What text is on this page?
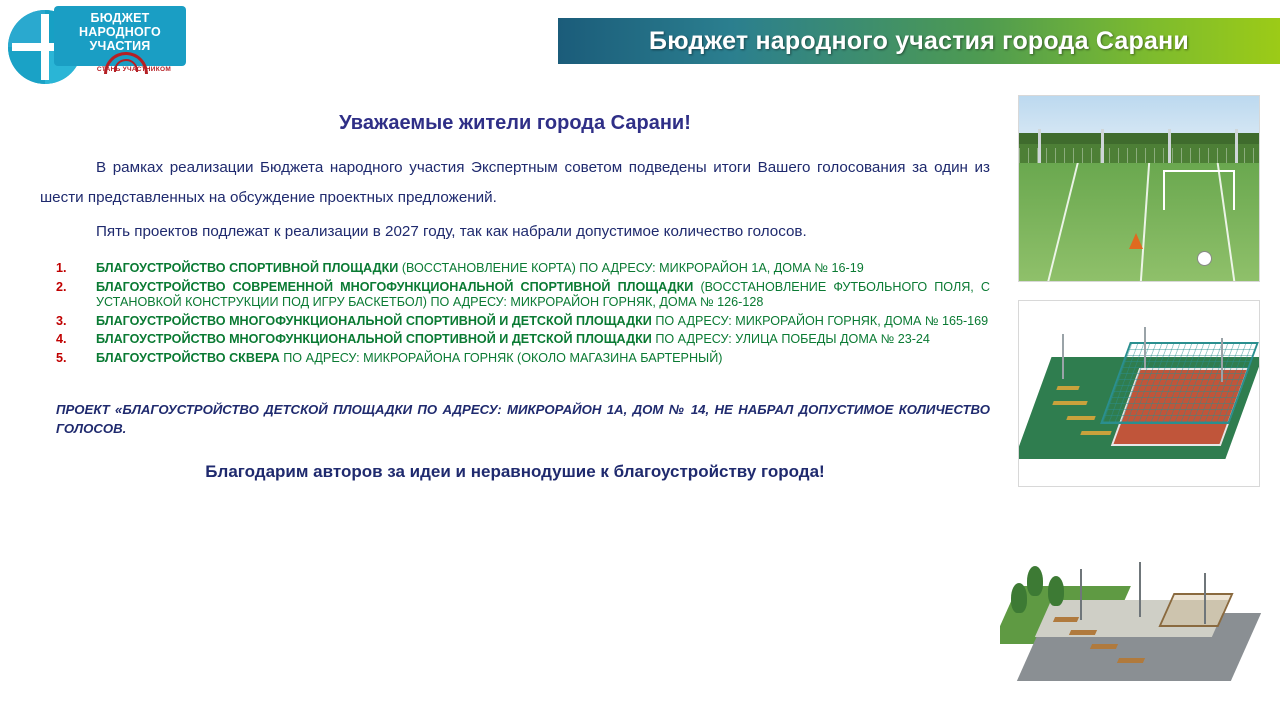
БЮДЖЕТ
НАРОДНОГО
УЧАСТИЯ
СТАНЬ УЧАСТНИКОМ
Бюджет народного участия города Сарани
Уважаемые жители города Сарани!

В рамках реализации Бюджета народного участия Экспертным советом подведены итоги Вашего голосования за один из шести представленных на обсуждение проектных предложений.

Пять проектов подлежат к реализации в 2027 году, так как набрали допустимое количество голосов.

1. БЛАГОУСТРОЙСТВО СПОРТИВНОЙ ПЛОЩАДКИ (ВОССТАНОВЛЕНИЕ КОРТА) ПО АДРЕСУ: МИКРОРАЙОН 1А, ДОМА № 16-19
2. БЛАГОУСТРОЙСТВО СОВРЕМЕННОЙ МНОГОФУНКЦИОНАЛЬНОЙ СПОРТИВНОЙ ПЛОЩАДКИ (ВОССТАНОВЛЕНИЕ ФУТБОЛЬНОГО ПОЛЯ, С УСТАНОВКОЙ КОНСТРУКЦИИ ПОД ИГРУ БАСКЕТБОЛ) ПО АДРЕСУ: МИКРОРАЙОН ГОРНЯК, ДОМА № 126-128
3. БЛАГОУСТРОЙСТВО МНОГОФУНКЦИОНАЛЬНОЙ СПОРТИВНОЙ И ДЕТСКОЙ ПЛОЩАДКИ ПО АДРЕСУ: МИКРОРАЙОН ГОРНЯК, ДОМА № 165-169
4. БЛАГОУСТРОЙСТВО МНОГОФУНКЦИОНАЛЬНОЙ СПОРТИВНОЙ И ДЕТСКОЙ ПЛОЩАДКИ ПО АДРЕСУ: УЛИЦА ПОБЕДЫ ДОМА № 23-24
5. БЛАГОУСТРОЙСТВО СКВЕРА ПО АДРЕСУ: МИКРОРАЙОНА ГОРНЯК (ОКОЛО МАГАЗИНА БАРТЕРНЫЙ)
ПРОЕКТ «БЛАГОУСТРОЙСТВО ДЕТСКОЙ ПЛОЩАДКИ ПО АДРЕСУ: МИКРОРАЙОН 1А, ДОМ № 14, НЕ НАБРАЛ ДОПУСТИМОЕ КОЛИЧЕСТВО ГОЛОСОВ.
Благодарим авторов за идеи и неравнодушие к благоустройству города!
